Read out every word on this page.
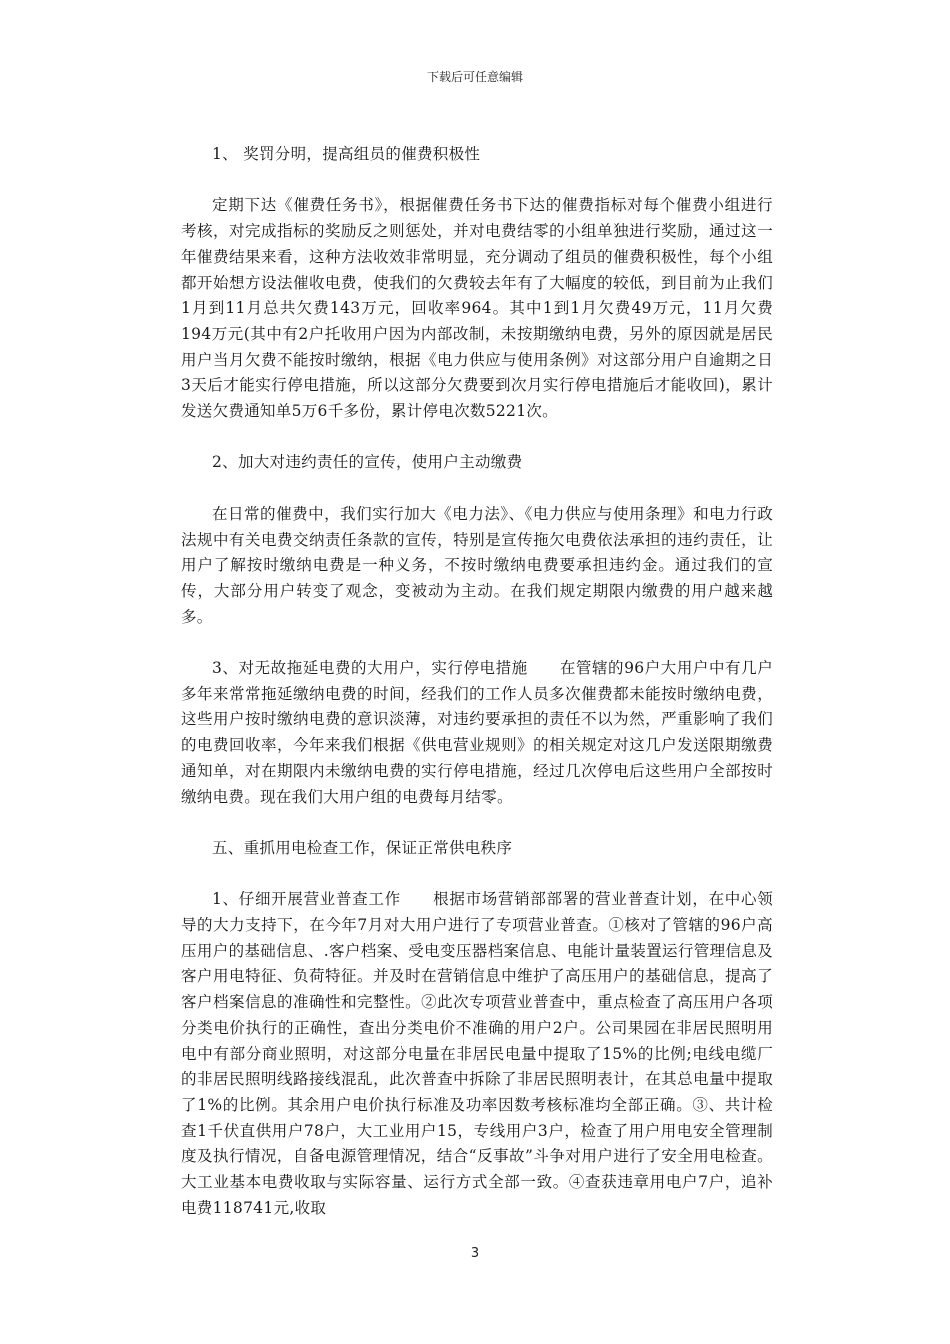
下载后可任意编辑

1、 奖罚分明，提高组员的催费积极性

定期下达《催费任务书》，根据催费任务书下达的催费指标对每个催费小组进行考核，对完成指标的奖励反之则惩处，并对电费结零的小组单独进行奖励，通过这一年催费结果来看，这种方法收效非常明显，充分调动了组员的催费积极性，每个小组都开始想方设法催收电费，使我们的欠费较去年有了大幅度的较低，到目前为止我们1月到11月总共欠费143万元，回收率964。其中1到1月欠费49万元，11月欠费194万元(其中有2户托收用户因为内部改制，未按期缴纳电费，另外的原因就是居民用户当月欠费不能按时缴纳，根据《电力供应与使用条例》对这部分用户自逾期之日3天后才能实行停电措施，所以这部分欠费要到次月实行停电措施后才能收回)，累计发送欠费通知单5万6千多份，累计停电次数5221次。

2、加大对违约责任的宣传，使用户主动缴费

在日常的催费中，我们实行加大《电力法》、《电力供应与使用条理》和电力行政法规中有关电费交纳责任条款的宣传，特别是宣传拖欠电费依法承担的违约责任，让用户了解按时缴纳电费是一种义务，不按时缴纳电费要承担违约金。通过我们的宣传，大部分用户转变了观念，变被动为主动。在我们规定期限内缴费的用户越来越多。

3、对无故拖延电费的大用户，实行停电措施　　在管辖的96户大用户中有几户多年来常常拖延缴纳电费的时间，经我们的工作人员多次催费都未能按时缴纳电费，这些用户按时缴纳电费的意识淡薄，对违约要承担的责任不以为然，严重影响了我们的电费回收率，今年来我们根据《供电营业规则》的相关规定对这几户发送限期缴费通知单，对在期限内未缴纳电费的实行停电措施，经过几次停电后这些用户全部按时缴纳电费。现在我们大用户组的电费每月结零。

五、重抓用电检查工作，保证正常供电秩序

1、仔细开展营业普查工作　　根据市场营销部部署的营业普查计划，在中心领导的大力支持下，在今年7月对大用户进行了专项营业普查。①核对了管辖的96户高压用户的基础信息、.客户档案、受电变压器档案信息、电能计量装置运行管理信息及客户用电特征、负荷特征。并及时在营销信息中维护了高压用户的基础信息，提高了客户档案信息的准确性和完整性。②此次专项营业普查中，重点检查了高压用户各项分类电价执行的正确性，查出分类电价不准确的用户2户。公司果园在非居民照明用电中有部分商业照明，对这部分电量在非居民电量中提取了15%的比例;电线电缆厂的非居民照明线路接线混乱，此次普查中拆除了非居民照明表计，在其总电量中提取了1%的比例。其余用户电价执行标准及功率因数考核标准均全部正确。③、共计检查1千伏直供用户78户，大工业用户15，专线用户3户，检查了用户用电安全管理制度及执行情况，自备电源管理情况，结合“反事故”斗争对用户进行了安全用电检查。大工业基本电费收取与实际容量、运行方式全部一致。④查获违章用电户7户，追补电费118741元,收取

3
